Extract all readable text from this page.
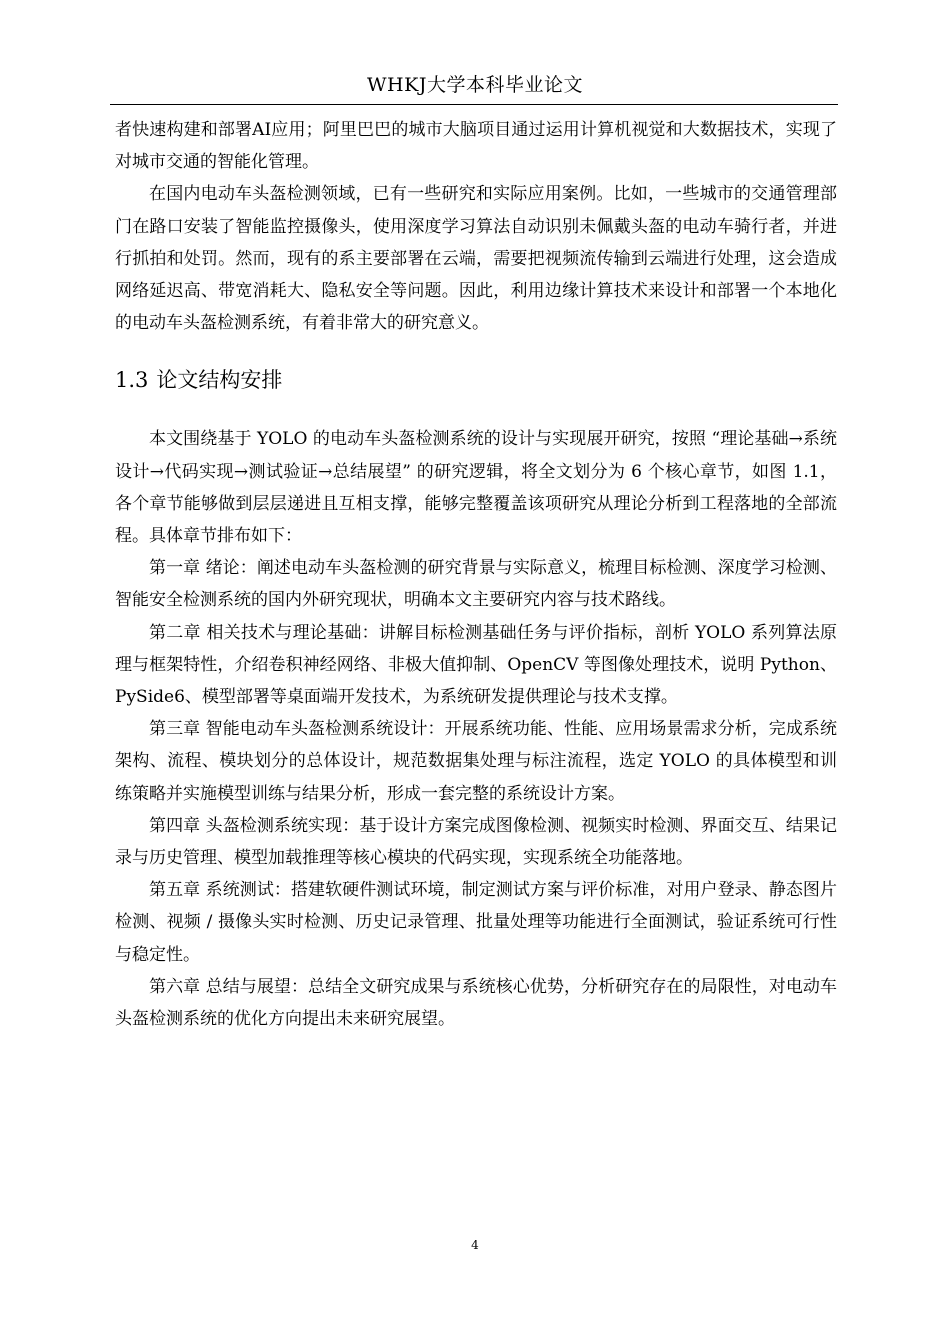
WHKJ大学本科毕业论文

者快速构建和部署AI应用；阿里巴巴的城市大脑项目通过运用计算机视觉和大数据技术，实现了对城市交通的智能化管理。

在国内电动车头盔检测领域，已有一些研究和实际应用案例。比如，一些城市的交通管理部门在路口安装了智能监控摄像头，使用深度学习算法自动识别未佩戴头盔的电动车骑行者，并进行抓拍和处罚。然而，现有的系主要部署在云端，需要把视频流传输到云端进行处理，这会造成网络延迟高、带宽消耗大、隐私安全等问题。因此，利用边缘计算技术来设计和部署一个本地化的电动车头盔检测系统，有着非常大的研究意义。

1.3 论文结构安排

本文围绕基于 YOLO 的电动车头盔检测系统的设计与实现展开研究，按照 “理论基础→系统设计→代码实现→测试验证→总结展望” 的研究逻辑，将全文划分为 6 个核心章节，如图 1.1，各个章节能够做到层层递进且互相支撑，能够完整覆盖该项研究从理论分析到工程落地的全部流程。具体章节排布如下：

第一章 绪论：阐述电动车头盔检测的研究背景与实际意义，梳理目标检测、深度学习检测、智能安全检测系统的国内外研究现状，明确本文主要研究内容与技术路线。

第二章 相关技术与理论基础：讲解目标检测基础任务与评价指标，剖析 YOLO 系列算法原理与框架特性，介绍卷积神经网络、非极大值抑制、OpenCV 等图像处理技术，说明 Python、PySide6、模型部署等桌面端开发技术，为系统研发提供理论与技术支撑。

第三章 智能电动车头盔检测系统设计：开展系统功能、性能、应用场景需求分析，完成系统架构、流程、模块划分的总体设计，规范数据集处理与标注流程，选定 YOLO 的具体模型和训练策略并实施模型训练与结果分析，形成一套完整的系统设计方案。

第四章 头盔检测系统实现：基于设计方案完成图像检测、视频实时检测、界面交互、结果记录与历史管理、模型加载推理等核心模块的代码实现，实现系统全功能落地。

第五章 系统测试：搭建软硬件测试环境，制定测试方案与评价标准，对用户登录、静态图片检测、视频 / 摄像头实时检测、历史记录管理、批量处理等功能进行全面测试，验证系统可行性与稳定性。

第六章 总结与展望：总结全文研究成果与系统核心优势，分析研究存在的局限性，对电动车头盔检测系统的优化方向提出未来研究展望。

4
